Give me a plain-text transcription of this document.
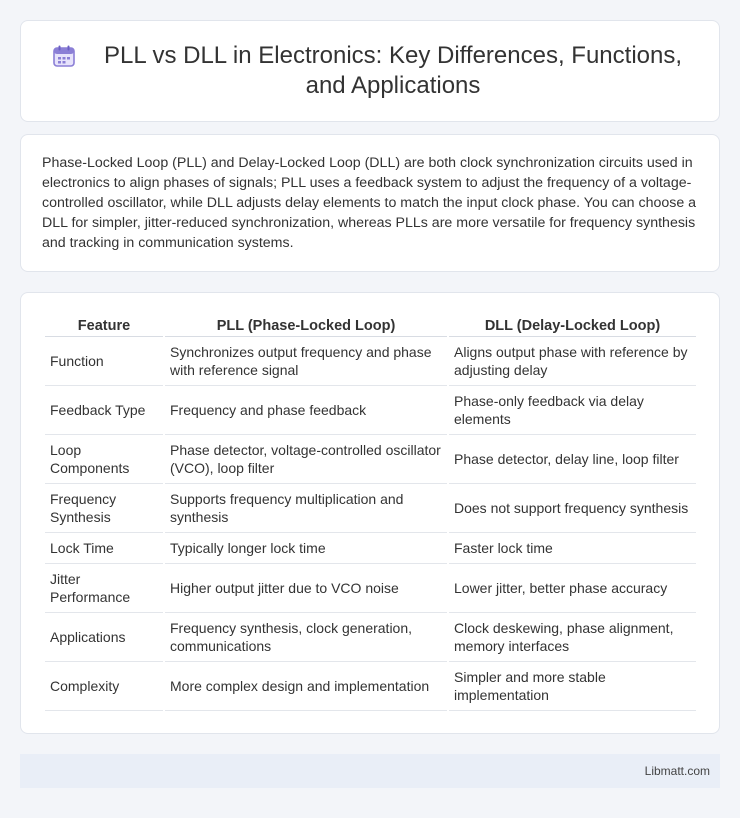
PLL vs DLL in Electronics: Key Differences, Functions, and Applications

Phase-Locked Loop (PLL) and Delay-Locked Loop (DLL) are both clock synchronization circuits used in electronics to align phases of signals; PLL uses a feedback system to adjust the frequency of a voltage-controlled oscillator, while DLL adjusts delay elements to match the input clock phase. You can choose a DLL for simpler, jitter-reduced synchronization, whereas PLLs are more versatile for frequency synthesis and tracking in communication systems.

Feature	PLL (Phase-Locked Loop)	DLL (Delay-Locked Loop)
Function	Synchronizes output frequency and phase with reference signal	Aligns output phase with reference by adjusting delay
Feedback Type	Frequency and phase feedback	Phase-only feedback via delay elements
Loop Components	Phase detector, voltage-controlled oscillator (VCO), loop filter	Phase detector, delay line, loop filter
Frequency Synthesis	Supports frequency multiplication and synthesis	Does not support frequency synthesis
Lock Time	Typically longer lock time	Faster lock time
Jitter Performance	Higher output jitter due to VCO noise	Lower jitter, better phase accuracy
Applications	Frequency synthesis, clock generation, communications	Clock deskewing, phase alignment, memory interfaces
Complexity	More complex design and implementation	Simpler and more stable implementation
Libmatt.com
